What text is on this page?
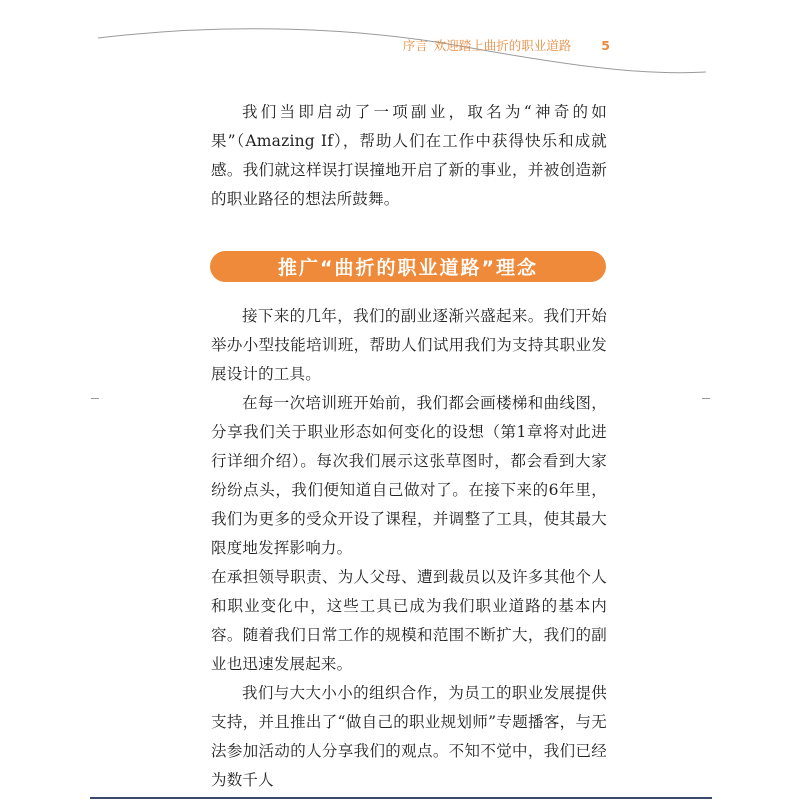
序言 欢迎踏上曲折的职业道路 5

我们当即启动了一项副业，取名为“神奇的如果”（Amazing If），帮助人们在工作中获得快乐和成就感。我们就这样误打误撞地开启了新的事业，并被创造新的职业路径的想法所鼓舞。

推广“曲折的职业道路”理念

接下来的几年，我们的副业逐渐兴盛起来。我们开始举办小型技能培训班，帮助人们试用我们为支持其职业发展设计的工具。

在每一次培训班开始前，我们都会画楼梯和曲线图，分享我们关于职业形态如何变化的设想（第1章将对此进行详细介绍）。每次我们展示这张草图时，都会看到大家纷纷点头，我们便知道自己做对了。在接下来的6年里，我们为更多的受众开设了课程，并调整了工具，使其最大限度地发挥影响力。

在承担领导职责、为人父母、遭到裁员以及许多其他个人和职业变化中，这些工具已成为我们职业道路的基本内容。随着我们日常工作的规模和范围不断扩大，我们的副业也迅速发展起来。

我们与大大小小的组织合作，为员工的职业发展提供支持，并且推出了“做自己的职业规划师”专题播客，与无法参加活动的人分享我们的观点。不知不觉中，我们已经为数千人
